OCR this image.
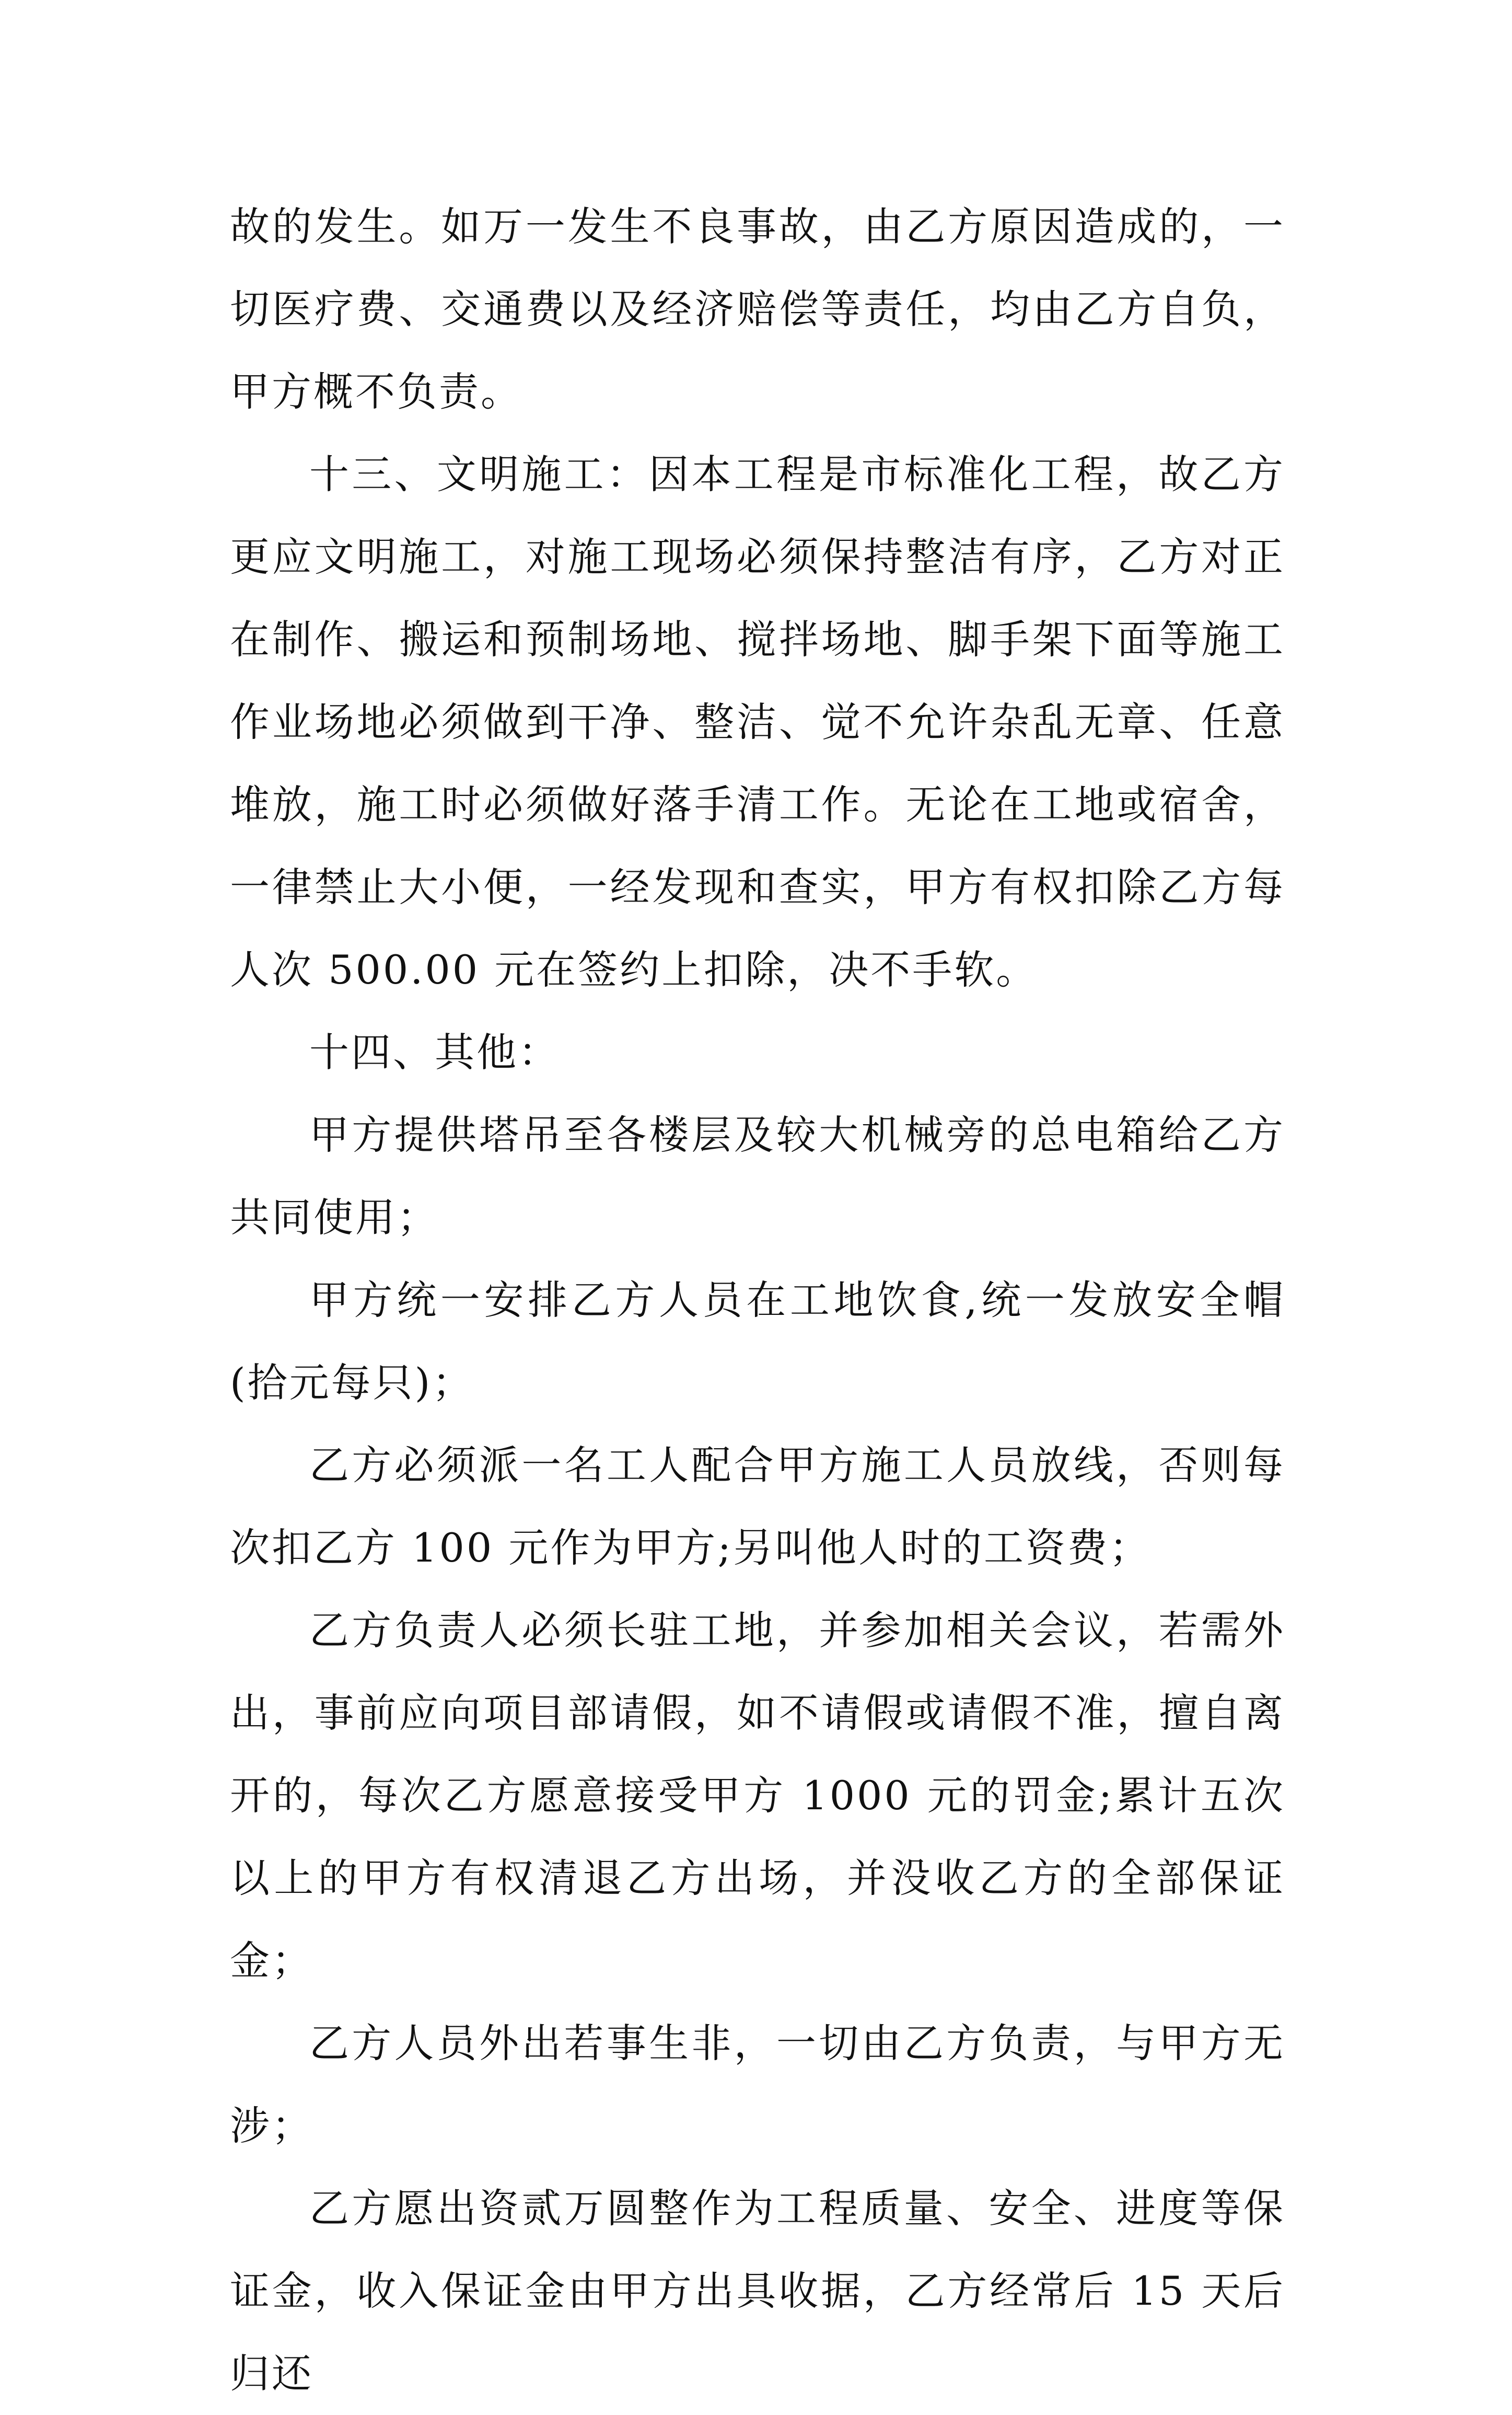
故的发生。如万一发生不良事故，由乙方原因造成的，一切医疗费、交通费以及经济赔偿等责任，均由乙方自负，甲方概不负责。

十三、文明施工：因本工程是市标准化工程，故乙方更应文明施工，对施工现场必须保持整洁有序，乙方对正在制作、搬运和预制场地、搅拌场地、脚手架下面等施工作业场地必须做到干净、整洁、觉不允许杂乱无章、任意堆放，施工时必须做好落手清工作。无论在工地或宿舍，一律禁止大小便，一经发现和查实，甲方有权扣除乙方每人次 500.00 元在签约上扣除，决不手软。

十四、其他：

甲方提供塔吊至各楼层及较大机械旁的总电箱给乙方共同使用；

甲方统一安排乙方人员在工地饮食,统一发放安全帽(拾元每只)；

乙方必须派一名工人配合甲方施工人员放线，否则每次扣乙方 100 元作为甲方;另叫他人时的工资费；

乙方负责人必须长驻工地，并参加相关会议，若需外出，事前应向项目部请假，如不请假或请假不准，擅自离开的，每次乙方愿意接受甲方 1000 元的罚金;累计五次以上的甲方有权清退乙方出场，并没收乙方的全部保证金；

乙方人员外出若事生非，一切由乙方负责，与甲方无涉；

乙方愿出资贰万圆整作为工程质量、安全、进度等保证金，收入保证金由甲方出具收据，乙方经常后 15 天后归还
